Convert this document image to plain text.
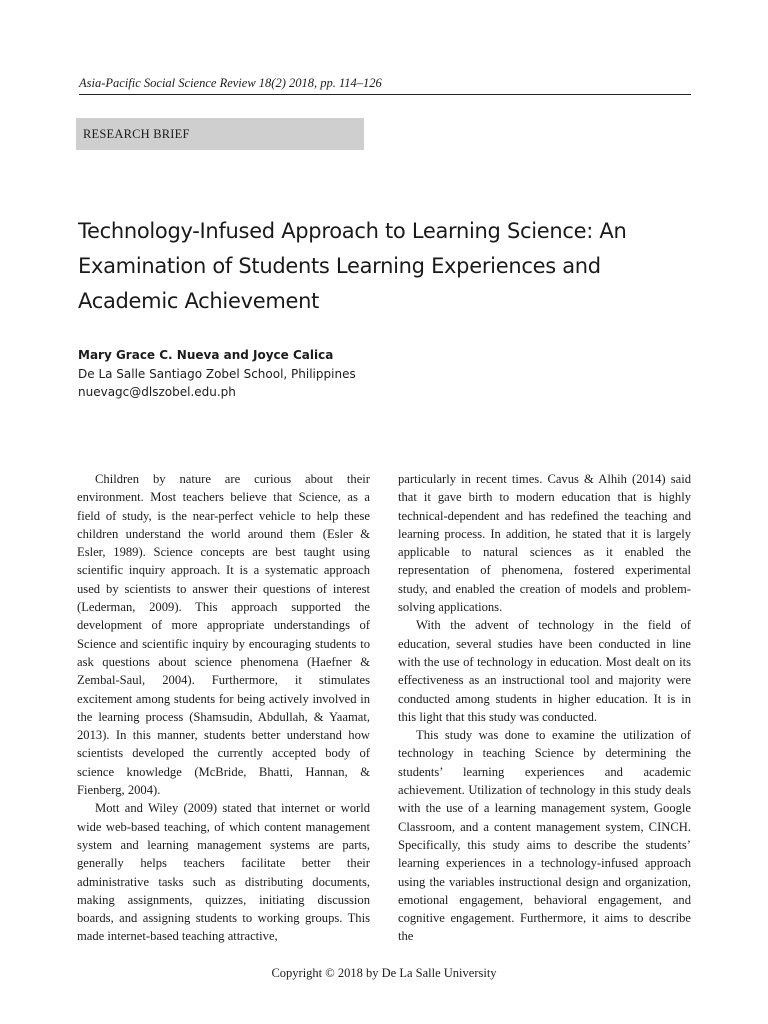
Asia-Pacific Social Science Review 18(2) 2018, pp. 114–126
RESEARCH BRIEF
Technology-Infused Approach to Learning Science: An Examination of Students Learning Experiences and Academic Achievement
Mary Grace C. Nueva and Joyce Calica
De La Salle Santiago Zobel School, Philippines
nuevagc@dlszobel.edu.ph

Children by nature are curious about their environment. Most teachers believe that Science, as a field of study, is the near-perfect vehicle to help these children understand the world around them (Esler & Esler, 1989). Science concepts are best taught using scientific inquiry approach. It is a systematic approach used by scientists to answer their questions of interest (Lederman, 2009). This approach supported the development of more appropriate understandings of Science and scientific inquiry by encouraging students to ask questions about science phenomena (Haefner & Zembal-Saul, 2004). Furthermore, it stimulates excitement among students for being actively involved in the learning process (Shamsudin, Abdullah, & Yaamat, 2013). In this manner, students better understand how scientists developed the currently accepted body of science knowledge (McBride, Bhatti, Hannan, & Fienberg, 2004).

Mott and Wiley (2009) stated that internet or world wide web-based teaching, of which content management system and learning management systems are parts, generally helps teachers facilitate better their administrative tasks such as distributing documents, making assignments, quizzes, initiating discussion boards, and assigning students to working groups. This made internet-based teaching attractive,

particularly in recent times. Cavus & Alhih (2014) said that it gave birth to modern education that is highly technical-dependent and has redefined the teaching and learning process. In addition, he stated that it is largely applicable to natural sciences as it enabled the representation of phenomena, fostered experimental study, and enabled the creation of models and problem-solving applications.

With the advent of technology in the field of education, several studies have been conducted in line with the use of technology in education. Most dealt on its effectiveness as an instructional tool and majority were conducted among students in higher education. It is in this light that this study was conducted.

This study was done to examine the utilization of technology in teaching Science by determining the students’ learning experiences and academic achievement. Utilization of technology in this study deals with the use of a learning management system, Google Classroom, and a content management system, CINCH. Specifically, this study aims to describe the students’ learning experiences in a technology-infused approach using the variables instructional design and organization, emotional engagement, behavioral engagement, and cognitive engagement. Furthermore, it aims to describe the

Copyright © 2018 by De La Salle University
